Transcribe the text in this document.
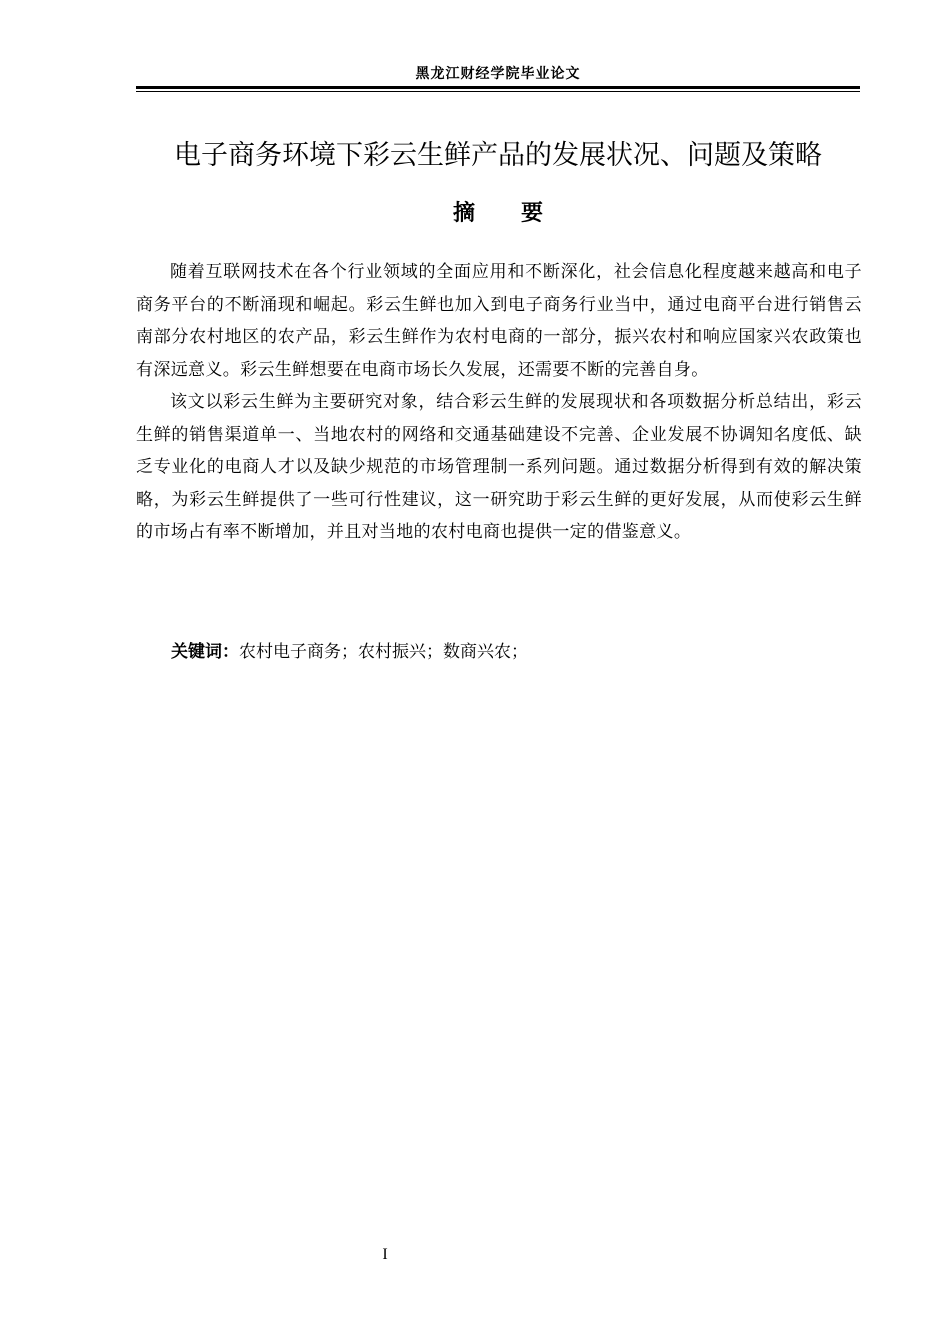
黑龙江财经学院毕业论文
电子商务环境下彩云生鲜产品的发展状况、问题及策略
摘要

随着互联网技术在各个行业领域的全面应用和不断深化，社会信息化程度越来越高和电子商务平台的不断涌现和崛起。彩云生鲜也加入到电子商务行业当中，通过电商平台进行销售云南部分农村地区的农产品，彩云生鲜作为农村电商的一部分，振兴农村和响应国家兴农政策也有深远意义。彩云生鲜想要在电商市场长久发展，还需要不断的完善自身。

该文以彩云生鲜为主要研究对象，结合彩云生鲜的发展现状和各项数据分析总结出，彩云生鲜的销售渠道单一、当地农村的网络和交通基础建设不完善、企业发展不协调知名度低、缺乏专业化的电商人才以及缺少规范的市场管理制一系列问题。通过数据分析得到有效的解决策略，为彩云生鲜提供了一些可行性建议，这一研究助于彩云生鲜的更好发展，从而使彩云生鲜的市场占有率不断增加，并且对当地的农村电商也提供一定的借鉴意义。

关键词：农村电子商务；农村振兴；数商兴农；
I
